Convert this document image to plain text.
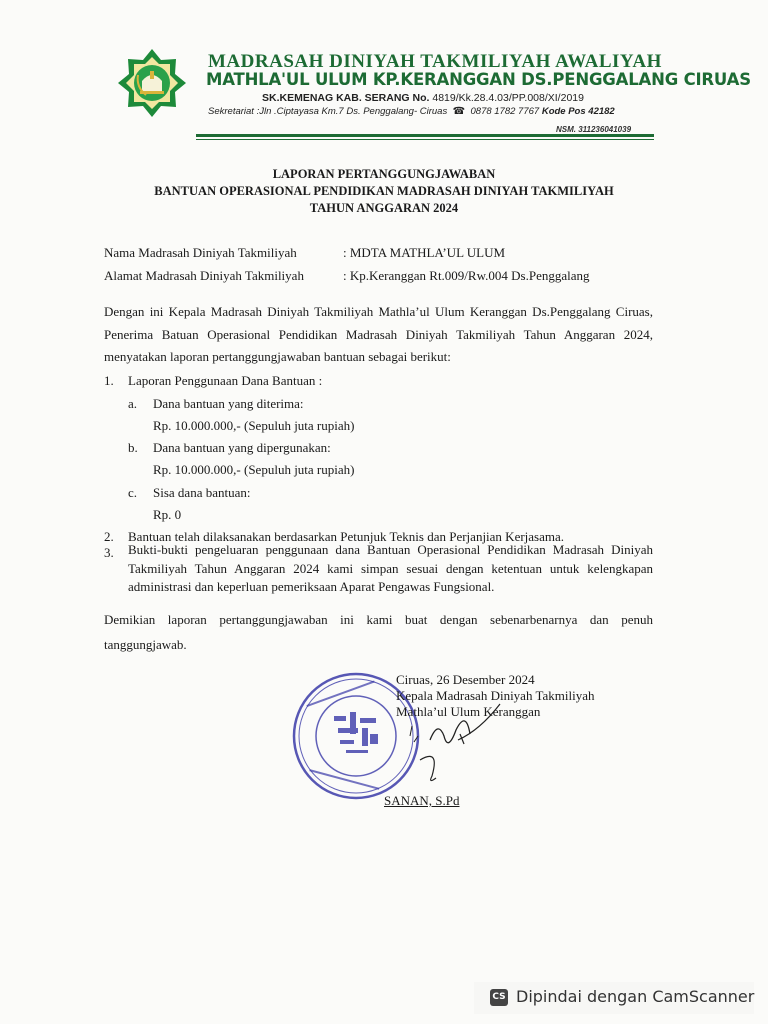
MADRASAH DINIYAH TAKMILIYAH AWALIYAH
MATHLA'UL ULUM KP.KERANGGAN DS.PENGGALANG CIRUAS
SK.KEMENAG KAB. SERANG No. 4819/Kk.28.4.03/PP.008/XI/2019
Sekretariat :Jln .Ciptayasa Km.7 Ds. Penggalang- Ciruas  ☎  0878 1782 7767 Kode Pos 42182
NSM. 311236041039
LAPORAN PERTANGGUNGJAWABAN
BANTUAN OPERASIONAL PENDIDIKAN MADRASAH DINIYAH TAKMILIYAH
TAHUN ANGGARAN 2024
Nama Madrasah Diniyah Takmiliyah	: MDTA MATHLA’UL ULUM
Alamat Madrasah Diniyah Takmiliyah	: Kp.Keranggan Rt.009/Rw.004 Ds.Penggalang
Dengan ini Kepala Madrasah Diniyah Takmiliyah Mathla’ul Ulum Keranggan Ds.Penggalang Ciruas, Penerima Batuan Operasional Pendidikan Madrasah Diniyah Takmiliyah Tahun Anggaran 2024, menyatakan laporan pertanggungjawaban bantuan sebagai berikut:
1. Laporan Penggunaan Dana Bantuan :
a. Dana bantuan yang diterima:
Rp. 10.000.000,- (Sepuluh juta rupiah)
b. Dana bantuan yang dipergunakan:
Rp. 10.000.000,- (Sepuluh juta rupiah)
c. Sisa dana bantuan:
Rp. 0
2. Bantuan telah dilaksanakan berdasarkan Petunjuk Teknis dan Perjanjian Kerjasama.
3. Bukti-bukti pengeluaran penggunaan dana Bantuan Operasional Pendidikan Madrasah Diniyah Takmiliyah Tahun Anggaran 2024 kami simpan sesuai dengan ketentuan untuk kelengkapan administrasi dan keperluan pemeriksaan Aparat Pengawas Fungsional.
Demikian laporan pertanggungjawaban ini kami buat dengan sebenarbenarnya dan penuh tanggungjawab.
Ciruas, 26 Desember 2024
Kepala Madrasah Diniyah Takmiliyah
Mathla’ul Ulum Keranggan
SANAN, S.Pd
CS Dipindai dengan CamScanner
